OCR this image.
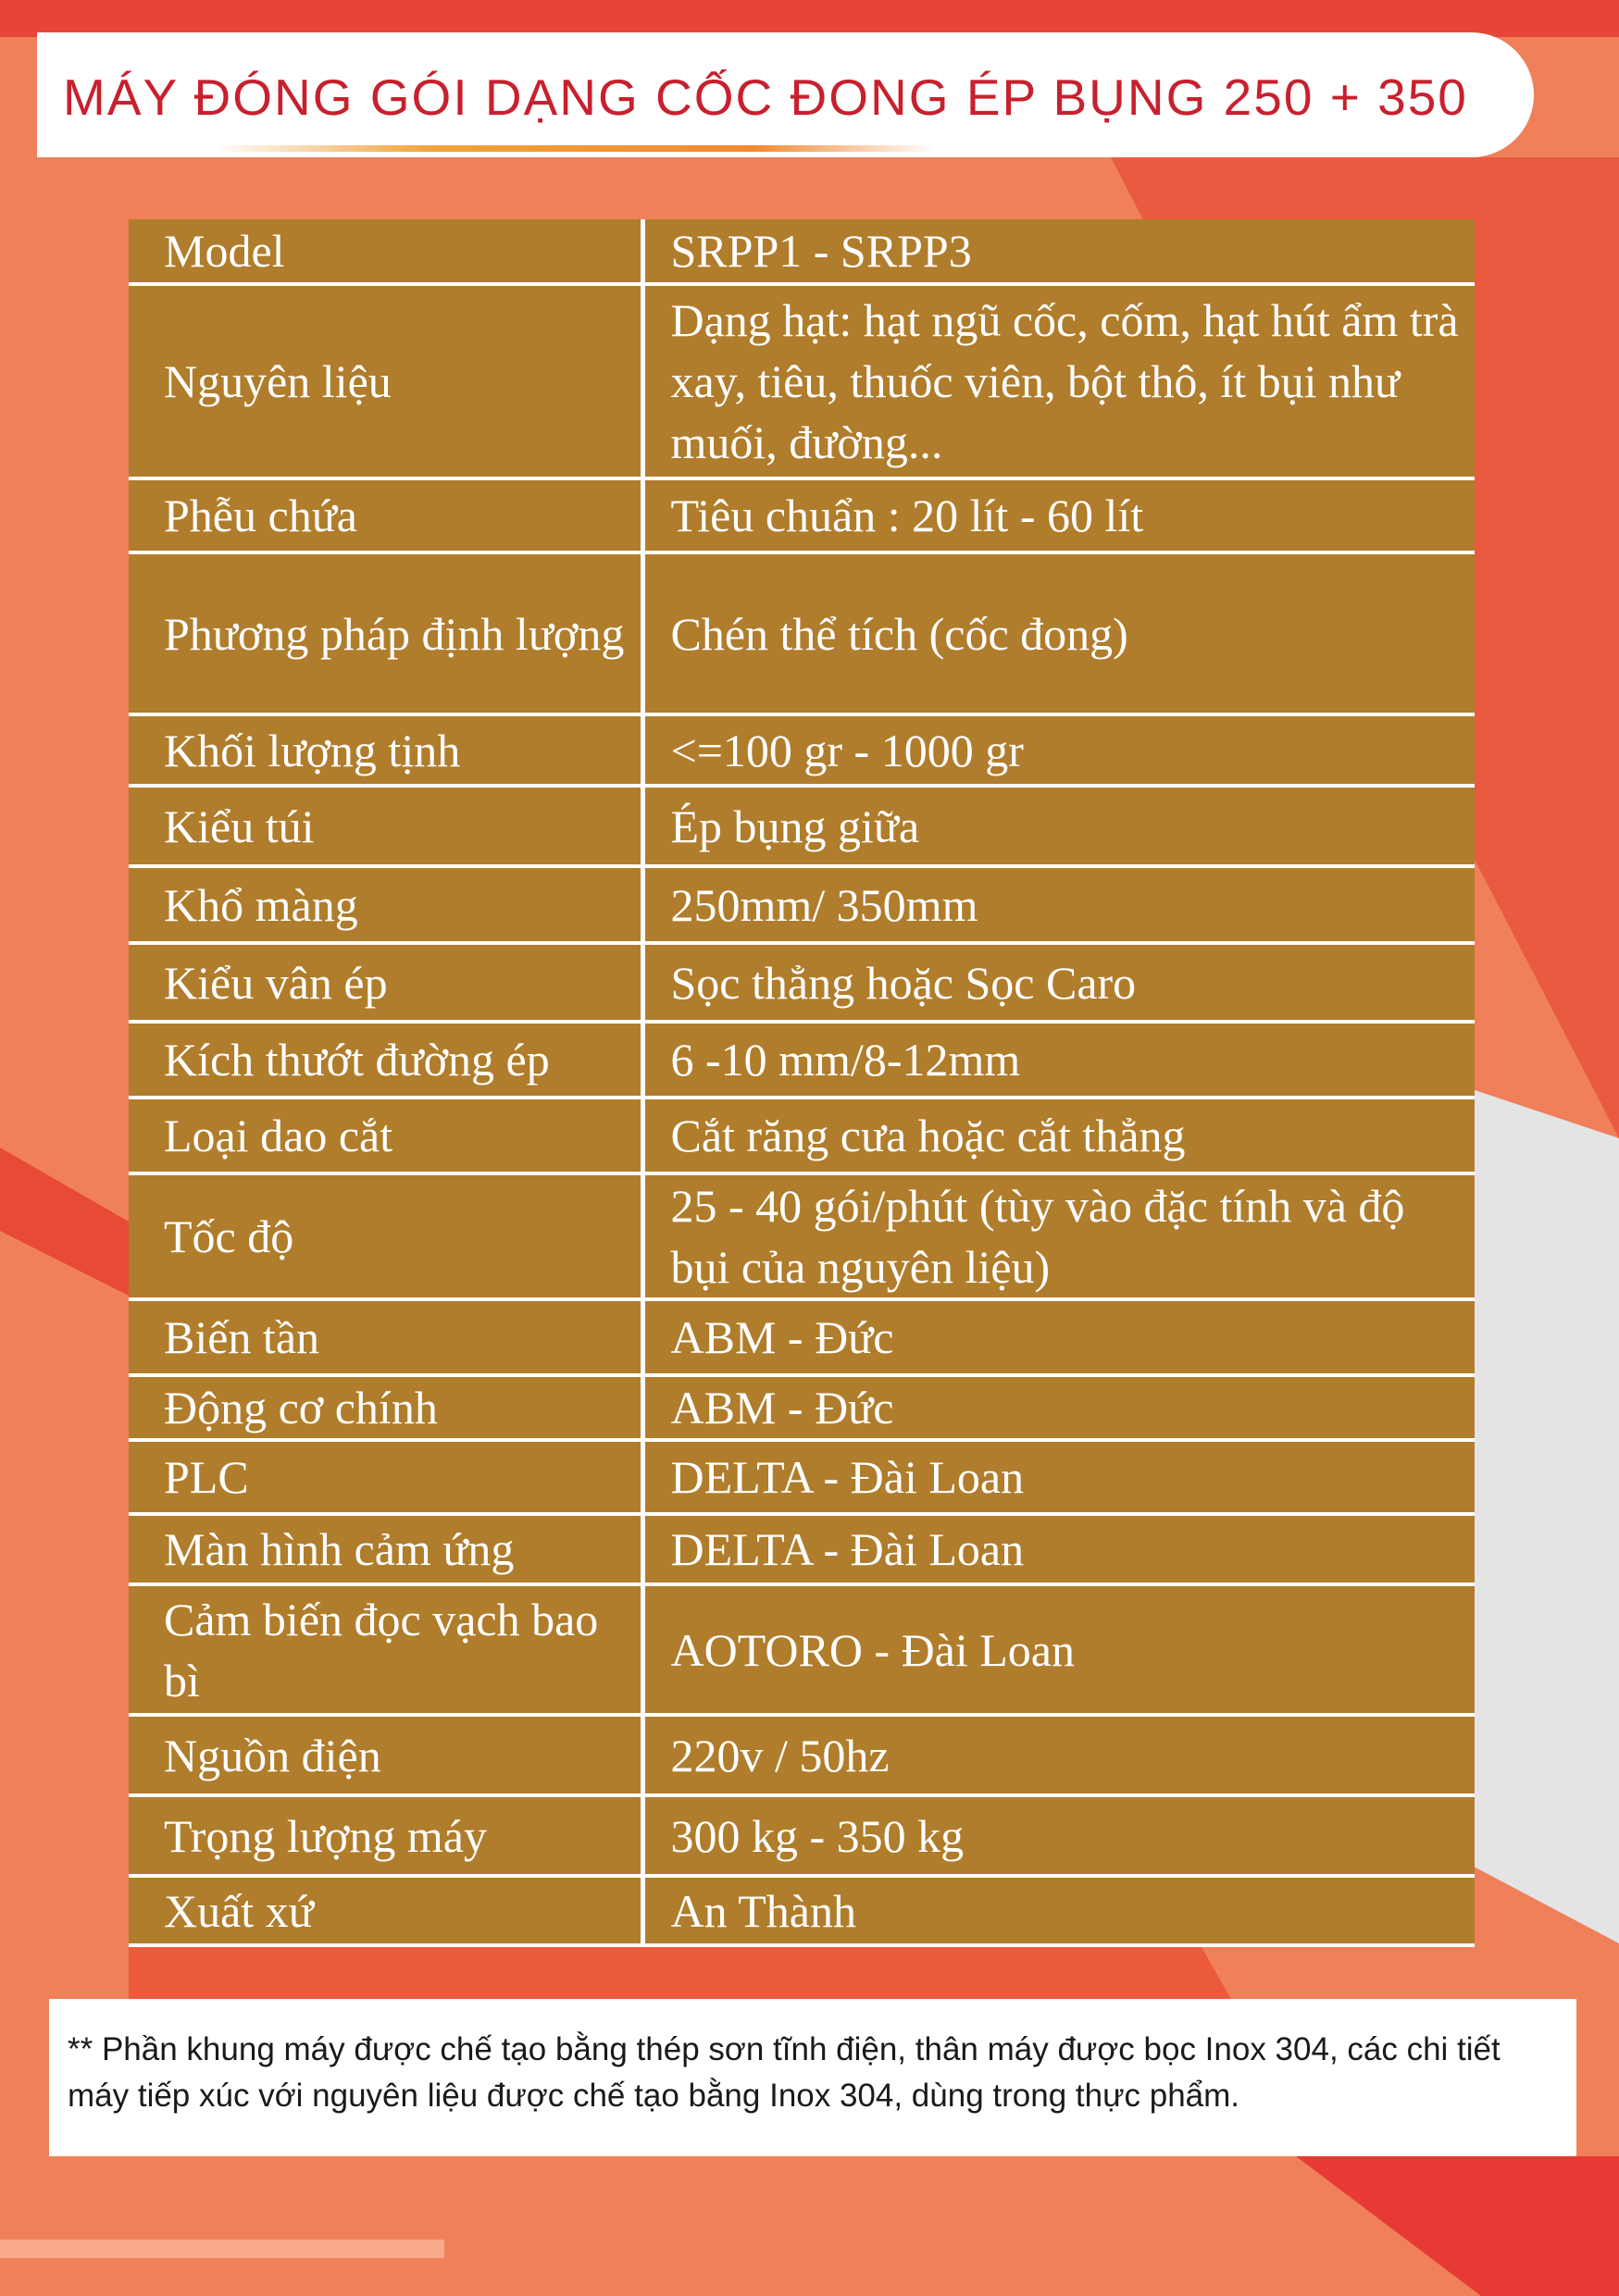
MÁY ĐÓNG GÓI DẠNG CỐC ĐONG ÉP BỤNG 250 + 350
Model	SRPP1 - SRPP3
Nguyên liệu	Dạng hạt: hạt ngũ cốc, cốm, hạt hút ẩm trà xay, tiêu, thuốc viên, bột thô, ít bụi như muối, đường...
Phễu chứa	Tiêu chuẩn : 20 lít - 60 lít
Phương pháp định lượng	Chén thể tích (cốc đong)
Khối lượng tịnh	<=100 gr - 1000 gr
Kiểu túi	Ép bụng giữa
Khổ màng	250mm/ 350mm
Kiểu vân ép	Sọc thẳng hoặc Sọc Caro
Kích thướt đường ép	6 -10 mm/8-12mm
Loại dao cắt	Cắt răng cưa hoặc cắt thẳng
Tốc độ	25 - 40 gói/phút (tùy vào đặc tính và độ bụi của nguyên liệu)
Biến tần	ABM - Đức
Động cơ chính	ABM - Đức
PLC	DELTA - Đài Loan
Màn hình cảm ứng	DELTA - Đài Loan
Cảm biến đọc vạch bao bì	AOTORO - Đài Loan
Nguồn điện	220v / 50hz
Trọng lượng máy	300 kg - 350 kg
Xuất xứ	An Thành
** Phần khung máy được chế tạo bằng thép sơn tĩnh điện, thân máy được bọc Inox 304, các chi tiết máy tiếp xúc với nguyên liệu được chế tạo bằng Inox 304, dùng trong thực phẩm.
